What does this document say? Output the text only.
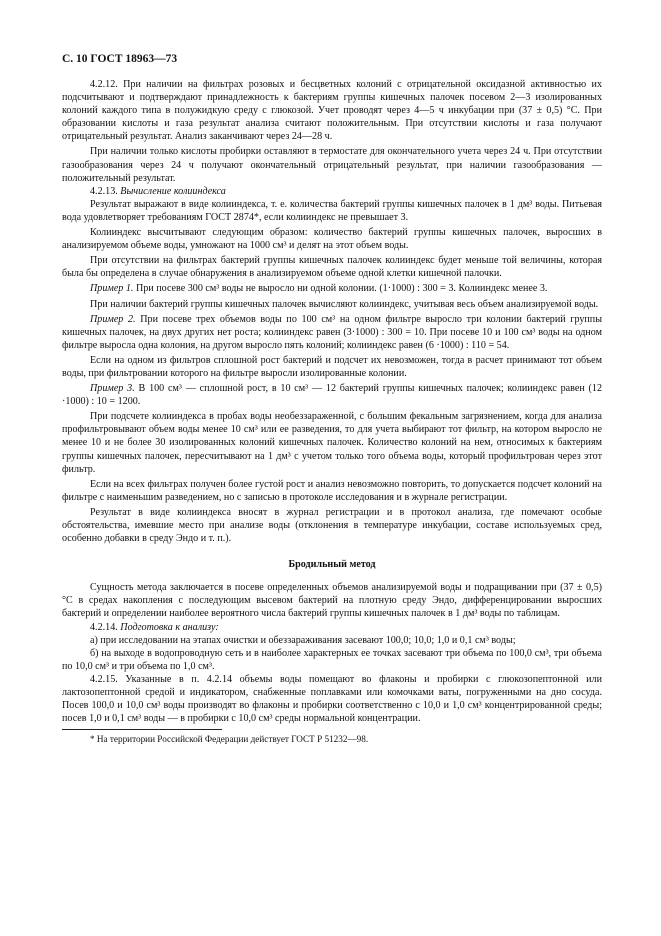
С. 10 ГОСТ 18963—73

4.2.12. При наличии на фильтрах розовых и бесцветных колоний с отрицательной оксидазной активностью их подсчитывают и подтверждают принадлежность к бактериям группы кишечных палочек посевом 2—3 изолированных колоний каждого типа в полужидкую среду с глюкозой. Учет проводят через 4—5 ч инкубации при (37 ± 0,5) °С. При образовании кислоты и газа результат анализа считают положительным. При отсутствии кислоты и газа получают отрицательный результат. Анализ заканчивают через 24—28 ч.

При наличии только кислоты пробирки оставляют в термостате для окончательного учета через 24 ч. При отсутствии газообразования через 24 ч получают окончательный отрицательный результат, при наличии газообразования — положительный результат.

4.2.13. Вычисление колииндекса

Результат выражают в виде колииндекса, т. е. количества бактерий группы кишечных палочек в 1 дм³ воды. Питьевая вода удовлетворяет требованиям ГОСТ 2874*, если колииндекс не превышает 3.

Колииндекс высчитывают следующим образом: количество бактерий группы кишечных палочек, выросших в анализируемом объеме воды, умножают на 1000 см³ и делят на этот объем воды.

При отсутствии на фильтрах бактерий группы кишечных палочек колииндекс будет меньше той величины, которая была бы определена в случае обнаружения в анализируемом объеме одной клетки кишечной палочки.

Пример 1. При посеве 300 см³ воды не выросло ни одной колонии. (1·1000) : 300 = 3. Колииндекс менее 3.

При наличии бактерий группы кишечных палочек вычисляют колииндекс, учитывая весь объем анализируемой воды.

Пример 2. При посеве трех объемов воды по 100 см³ на одном фильтре выросло три колонии бактерий группы кишечных палочек, на двух других нет роста; колииндекс равен (3·1000) : 300 = 10. При посеве 10 и 100 см³ воды на одном фильтре выросла одна колония, на другом выросло пять колоний; колииндекс равен (6 ·1000) : 110 = 54.

Если на одном из фильтров сплошной рост бактерий и подсчет их невозможен, тогда в расчет принимают тот объем воды, при фильтровании которого на фильтре выросли изолированные колонии.

Пример 3. В 100 см³ — сплошной рост, в 10 см³ — 12 бактерий группы кишечных палочек; колииндекс равен (12 ·1000) : 10 = 1200.

При подсчете колииндекса в пробах воды необеззараженной, с большим фекальным загрязнением, когда для анализа профильтровывают объем воды менее 10 см³ или ее разведения, то для учета выбирают тот фильтр, на котором выросло не менее 10 и не более 30 изолированных колоний кишечных палочек. Количество колоний на нем, относимых к бактериям группы кишечных палочек, пересчитывают на 1 дм³ с учетом только того объема воды, который профильтрован через этот фильтр.

Если на всех фильтрах получен более густой рост и анализ невозможно повторить, то допускается подсчет колоний на фильтре с наименьшим разведением, но с записью в протоколе исследования и в журнале регистрации.

Результат в виде колииндекса вносят в журнал регистрации и в протокол анализа, где помечают особые обстоятельства, имевшие место при анализе воды (отклонения в температуре инкубации, составе используемых сред, особенно добавки в среду Эндо и т. п.).

Бродильный метод

Сущность метода заключается в посеве определенных объемов анализируемой воды и подращивании при (37 ± 0,5) °С в средах накопления с последующим высевом бактерий на плотную среду Эндо, дифференцировании выросших бактерий и определении наиболее вероятного числа бактерий группы кишечных палочек в 1 дм³ воды по таблицам.

4.2.14. Подготовка к анализу:

а) при исследовании на этапах очистки и обеззараживания засевают 100,0; 10,0; 1,0 и 0,1 см³ воды;

б) на выходе в водопроводную сеть и в наиболее характерных ее точках засевают три объема по 100,0 см³, три объема по 10,0 см³ и три объема по 1,0 см³.

4.2.15. Указанные в п. 4.2.14 объемы воды помещают во флаконы и пробирки с глюкозопептонной или лактозопептонной средой и индикатором, снабженные поплавками или комочками ваты, погруженными на дно сосуда. Посев 100,0 и 10,0 см³ воды производят во флаконы и пробирки соответственно с 10,0 и 1,0 см³ концентрированной среды; посев 1,0 и 0,1 см³ воды — в пробирки с 10,0 см³ среды нормальной концентрации.

* На территории Российской Федерации действует ГОСТ Р 51232—98.
